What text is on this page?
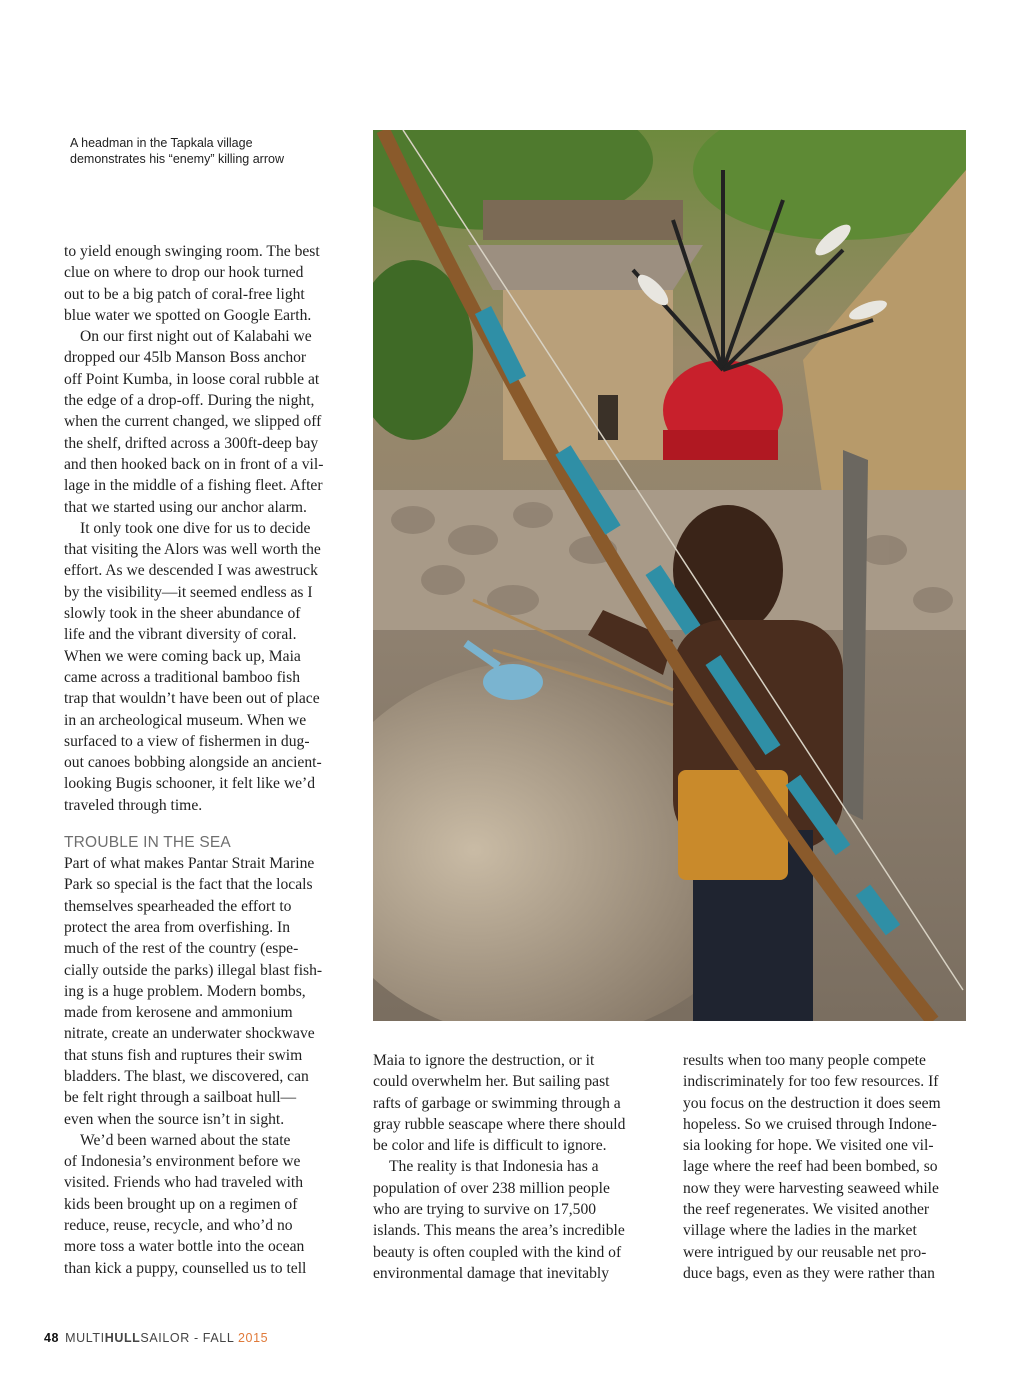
A headman in the Tapkala village
demonstrates his “enemy” killing arrow
to yield enough swinging room. The best
clue on where to drop our hook turned
out to be a big patch of coral-free light
blue water we spotted on Google Earth.
On our first night out of Kalabahi we
dropped our 45lb Manson Boss anchor
off Point Kumba, in loose coral rubble at
the edge of a drop-off. During the night,
when the current changed, we slipped off
the shelf, drifted across a 300ft-deep bay
and then hooked back on in front of a vil-
lage in the middle of a fishing fleet. After
that we started using our anchor alarm.
It only took one dive for us to decide
that visiting the Alors was well worth the
effort. As we descended I was awestruck
by the visibility—it seemed endless as I
slowly took in the sheer abundance of
life and the vibrant diversity of coral.
When we were coming back up, Maia
came across a traditional bamboo fish
trap that wouldn’t have been out of place
in an archeological museum. When we
surfaced to a view of fishermen in dug-
out canoes bobbing alongside an ancient-
looking Bugis schooner, it felt like we’d
traveled through time.
TROUBLE IN THE SEA
Part of what makes Pantar Strait Marine
Park so special is the fact that the locals
themselves spearheaded the effort to
protect the area from overfishing. In
much of the rest of the country (espe-
cially outside the parks) illegal blast fish-
ing is a huge problem. Modern bombs,
made from kerosene and ammonium
nitrate, create an underwater shockwave
that stuns fish and ruptures their swim
bladders. The blast, we discovered, can
be felt right through a sailboat hull—
even when the source isn’t in sight.
We’d been warned about the state
of Indonesia’s environment before we
visited. Friends who had traveled with
kids been brought up on a regimen of
reduce, reuse, recycle, and who’d no
more toss a water bottle into the ocean
than kick a puppy, counselled us to tell
Maia to ignore the destruction, or it
could overwhelm her. But sailing past
rafts of garbage or swimming through a
gray rubble seascape where there should
be color and life is difficult to ignore.
The reality is that Indonesia has a
population of over 238 million people
who are trying to survive on 17,500
islands. This means the area’s incredible
beauty is often coupled with the kind of
environmental damage that inevitably
results when too many people compete
indiscriminately for too few resources. If
you focus on the destruction it does seem
hopeless. So we cruised through Indone-
sia looking for hope. We visited one vil-
lage where the reef had been bombed, so
now they were harvesting seaweed while
the reef regenerates. We visited another
village where the ladies in the market
were intrigued by our reusable net pro-
duce bags, even as they were rather than
48 MULTIHULLSAILOR - FALL 2015
